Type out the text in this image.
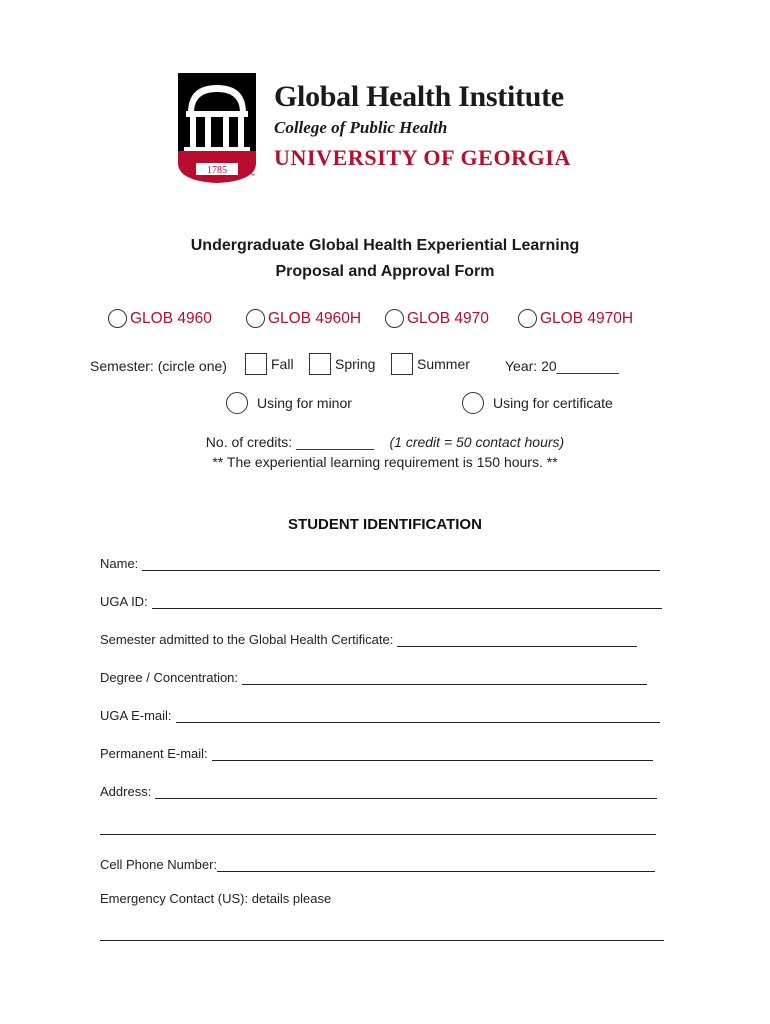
1785	™
Global Health Institute
College of Public Health
UNIVERSITY OF GEORGIA
Undergraduate Global Health Experiential Learning
Proposal and Approval Form
GLOB 4960	GLOB 4960H	GLOB 4970	GLOB 4970H
Semester: (circle one)	Fall	Spring	Summer	Year: 20________
Using for minor	Using for certificate
No. of credits: __________ (1 credit = 50 contact hours)
** The experiential learning requirement is 150 hours. **
STUDENT IDENTIFICATION
Name:
UGA ID:
Semester admitted to the Global Health Certificate:
Degree / Concentration:
UGA E-mail:
Permanent E-mail:
Address:
Cell Phone Number:
Emergency Contact (US): details please
